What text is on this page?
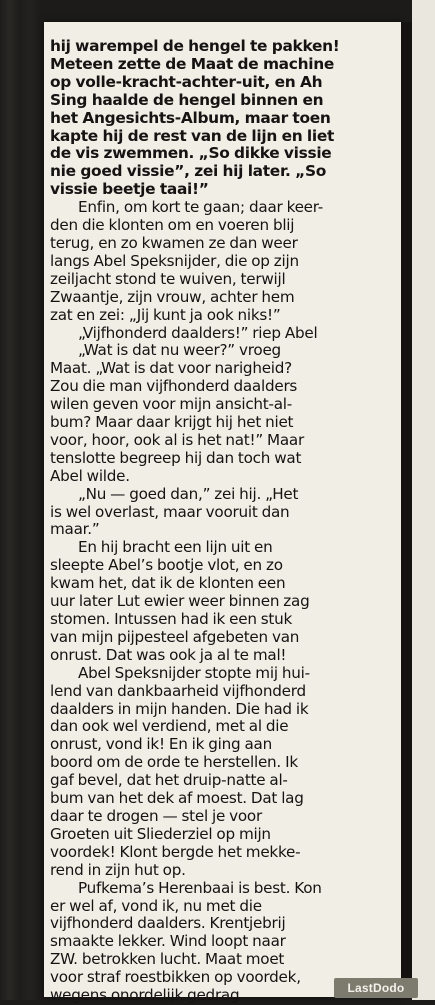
hij warempel de hengel te pakken!
Meteen zette de Maat de machine
op volle-kracht-achter-uit, en Ah
Sing haalde de hengel binnen en
het Angesichts-Album, maar toen
kapte hij de rest van de lijn en liet
de vis zwemmen. „So dikke vissie
nie goed vissie”, zei hij later. „So
vissie beetje taai!”
Enfin, om kort te gaan; daar keer-
den die klonten om en voeren blij
terug, en zo kwamen ze dan weer
langs Abel Speksnijder, die op zijn
zeiljacht stond te wuiven, terwijl
Zwaantje, zijn vrouw, achter hem
zat en zei: „Jij kunt ja ook niks!”
„Vijfhonderd daalders!” riep Abel
„Wat is dat nu weer?” vroeg
Maat. „Wat is dat voor narigheid?
Zou die man vijfhonderd daalders
wilen geven voor mijn ansicht-al-
bum? Maar daar krijgt hij het niet
voor, hoor, ook al is het nat!” Maar
tenslotte begreep hij dan toch wat
Abel wilde.
„Nu — goed dan,” zei hij. „Het
is wel overlast, maar vooruit dan
maar.”
En hij bracht een lijn uit en
sleepte Abel’s bootje vlot, en zo
kwam het, dat ik de klonten een
uur later Lut ewier weer binnen zag
stomen. Intussen had ik een stuk
van mijn pijpesteel afgebeten van
onrust. Dat was ook ja al te mal!
Abel Speksnijder stopte mij hui-
lend van dankbaarheid vijfhonderd
daalders in mijn handen. Die had ik
dan ook wel verdiend, met al die
onrust, vond ik! En ik ging aan
boord om de orde te herstellen. Ik
gaf bevel, dat het druip-natte al-
bum van het dek af moest. Dat lag
daar te drogen — stel je voor
Groeten uit Sliederziel op mijn
voordek! Klont bergde het mekke-
rend in zijn hut op.
Pufkema’s Herenbaai is best. Kon
er wel af, vond ik, nu met die
vijfhonderd daalders. Krentjebrij
smaakte lekker. Wind loopt naar
ZW. betrokken lucht. Maat moet
voor straf roestbikken op voordek,
wegens onordelijk gedrag.	LastDodo
